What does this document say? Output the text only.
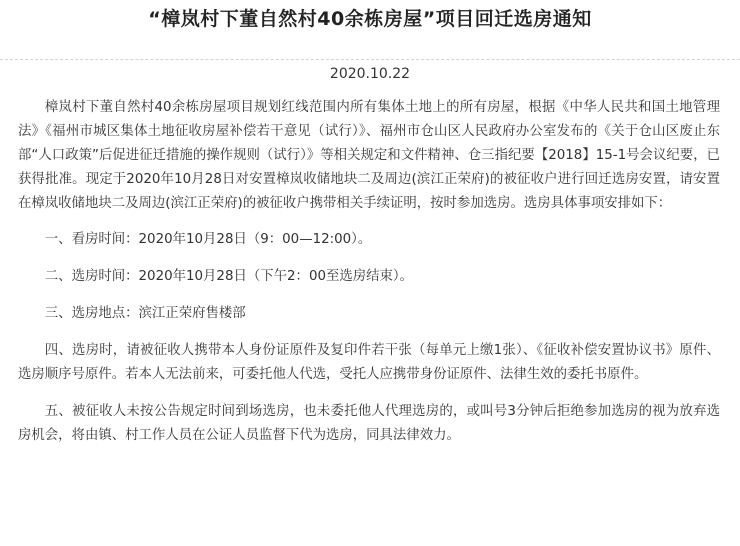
“樟岚村下董自然村40余栋房屋”项目回迁选房通知
2020.10.22

樟岚村下董自然村40余栋房屋项目规划红线范围内所有集体土地上的所有房屋，根据《中华人民共和国土地管理法》《福州市城区集体土地征收房屋补偿若干意见（试行）》、福州市仓山区人民政府办公室发布的《关于仓山区废止东部“人口政策”后促进征迁措施的操作规则（试行）》等相关规定和文件精神、仓三指纪要【2018】15-1号会议纪要，已获得批准。现定于2020年10月28日对安置樟岚收储地块二及周边(滨江正荣府)的被征收户进行回迁选房安置，请安置在樟岚收储地块二及周边(滨江正荣府)的被征收户携带相关手续证明，按时参加选房。选房具体事项安排如下：

一、看房时间：2020年10月28日（9：00—12:00）。

二、选房时间：2020年10月28日（下午2：00至选房结束）。

三、选房地点：滨江正荣府售楼部

四、选房时，请被征收人携带本人身份证原件及复印件若干张（每单元上缴1张）、《征收补偿安置协议书》原件、选房顺序号原件。若本人无法前来，可委托他人代选，受托人应携带身份证原件、法律生效的委托书原件。

五、被征收人未按公告规定时间到场选房，也未委托他人代理选房的，或叫号3分钟后拒绝参加选房的视为放弃选房机会，将由镇、村工作人员在公证人员监督下代为选房，同具法律效力。
